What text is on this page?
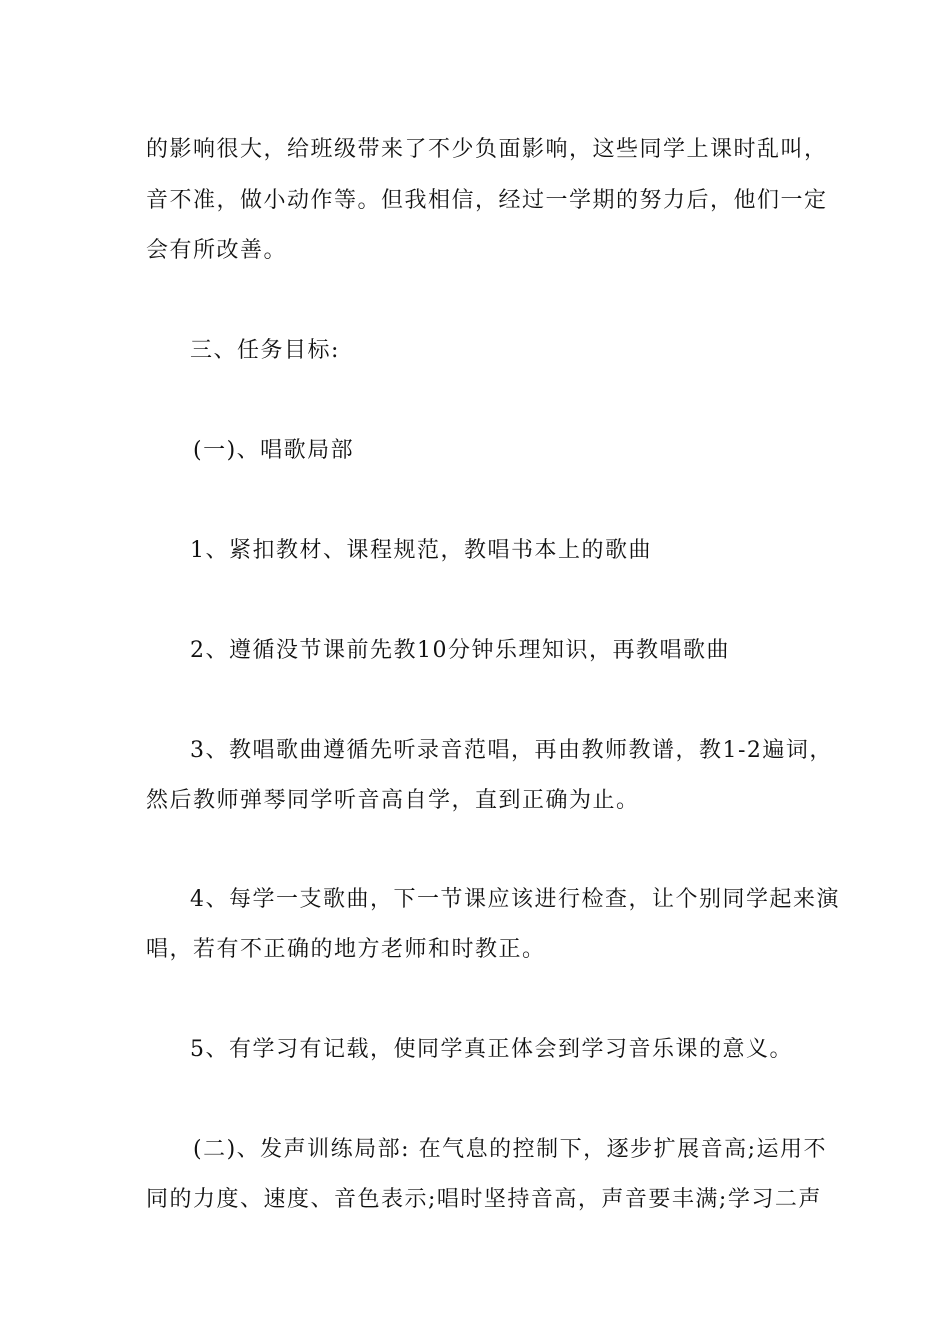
的影响很大，给班级带来了不少负面影响，这些同学上课时乱叫，
音不准，做小动作等。但我相信，经过一学期的努力后，他们一定
会有所改善。
三、任务目标:
(一)、唱歌局部
1、紧扣教材、课程规范，教唱书本上的歌曲
2、遵循没节课前先教10分钟乐理知识，再教唱歌曲
3、教唱歌曲遵循先听录音范唱，再由教师教谱，教1-2遍词，
然后教师弹琴同学听音高自学，直到正确为止。
4、每学一支歌曲，下一节课应该进行检查，让个别同学起来演
唱，若有不正确的地方老师和时教正。
5、有学习有记载，使同学真正体会到学习音乐课的意义。
(二)、发声训练局部: 在气息的控制下，逐步扩展音高;运用不
同的力度、速度、音色表示;唱时坚持音高，声音要丰满;学习二声
